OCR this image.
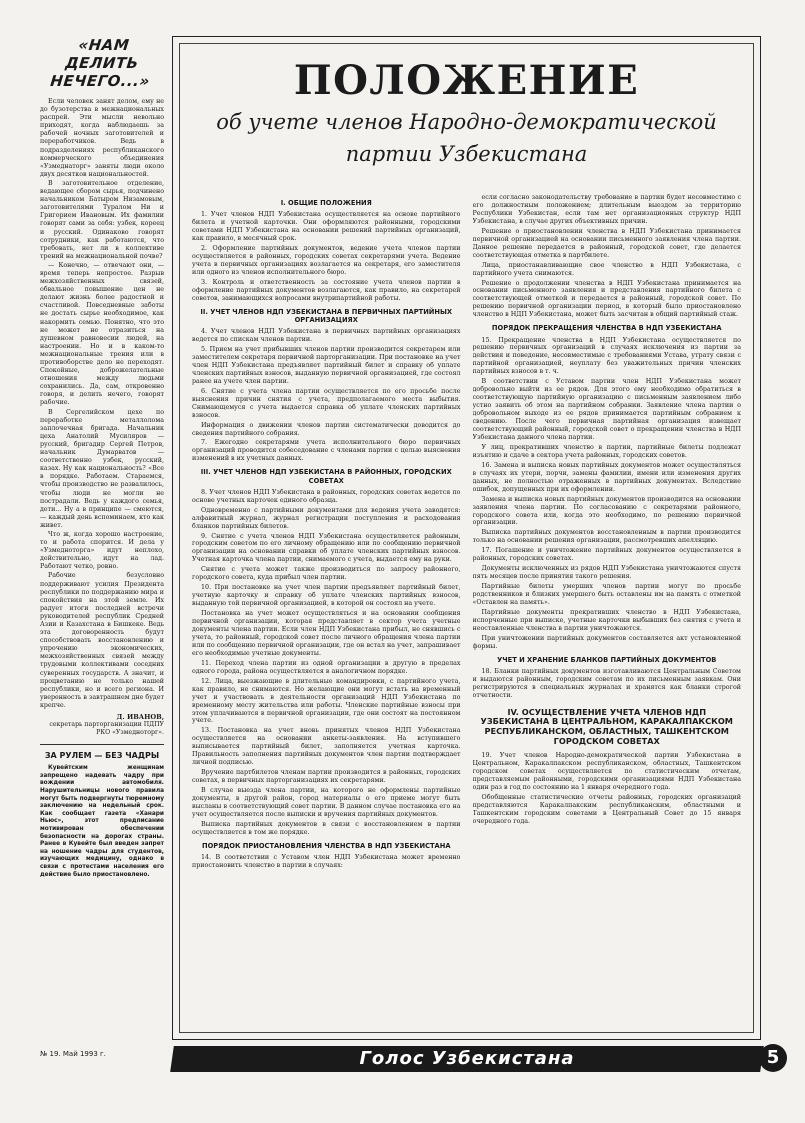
«НАМ ДЕЛИТЬ НЕЧЕГО...»

Если человек занят делом, ему не до бузотерства в межнациональных распрей. Эти мысли невольно приходят, когда наблюдаешь за рабочей ночных заготовителей и переработчиков. Ведь в подразделениях республиканского коммерческого объединения «Узмеднаторг» заняты люди около двух десятков национальностей.

В заготовительное отделение, ведающее сбором сырья, подчинено начальником Батыром Низамовым, заготовителями Туралом Ни и Григорием Ивановым. Их фамилии говорят сами за себя: узбек, кореец и русский. Одинаково говорят сотрудники, как работаются, что требовать, нет ли в коллективе трений на межнациональной почве?

— Конечно, — отвечают они, — время теперь непростое. Разрыв межхозяйственных связей, обвальное повышение цен не делают жизнь более радостной и счастливой. Повседневные заботы не достать сырье необходимое, как накормить семью. Понятно, что это не может не отразиться на душевном равновесии людей, на настроении. Но и в каком-то межнациональные трения или в противоборстве дело не переходят. Спокойные, доброжелательные отношения между людьми сохранились. Да, сам, откровенно говоря, и делить нечего, говорят рабочие.

В Сергелийском цехе по переработке металлолома заплочечная бригада. Начальник цеха Анатолий Мусиляров — русский, бригадир Сергей Петров, начальник Думарватов — соответственно узбек, русский, казах. Ну как национальность? «Все в порядке. Работаем. Стараемся, чтобы производство не развалилось, чтобы люди не могли не пострадали. Ведь у каждого семья, дети... Ну а в принципе — смеются, — каждый день вспоминаем, кто как живет.

Что ж, когда хорошо настроение, то и работа спорится. И дела у «Узмедноторга» идут неплохо, действительно, идут на лад. Работают четко, ровно.

Рабочие безусловно поддерживают усилия Президента республики по поддержанию мира и спокойствия на этой земле. Их радует итоги последней встречи руководителей республик Средней Азии и Казахстана в Бишкеке. Ведь эта договоренность будут способствовать восстановлению и упрочению экономических, межхозяйственных связей между трудовыми коллективами соседних суверенных государств. А значит, и процветанию не только нашей республики, но и всего региона. И уверенность в завтрашнем дне будет крепче.

Д. ИВАНОВ,
секретарь парторганизации ПДПУ РКО «Узмедноторг».
ЗА РУЛЕМ — БЕЗ ЧАДРЫ
Кувейтским женщинам запрещено надевать чадру при вождении автомобиля. Нарушительницы нового правила могут быть подвергнуты тюремному заключению на недельный срок. Как сообщает газета «Ханари Ньюс», этот предписание мотивирован обеспечении безопасности на дорогах страны. Ранее в Кувейте был введен запрет на ношение чадры для студентов, изучающих медицину, однако в связи с протестами населения его действие было приостановлено.
ПОЛОЖЕНИЕ
об учете членов Народно-демократической партии Узбекистана
I. ОБЩИЕ ПОЛОЖЕНИЯ

1. Учет членов НДП Узбекистана осуществляется на основе партийного билета и учетной карточки. Они оформляются районными, городскими советами НДП Узбекистана на основании решений партийных организаций, как правило, в месячный срок.

2. Оформление партийных документов, ведение учета членов партии осуществляется в районных, городских советах секретарями учета. Ведение учета в первичных организациях возлагается на секретаря, его заместителя или одного из членов исполнительного бюро.

3. Контроль и ответственность за состояние учета членов партии в оформление партийных документов возлагаются, как правило, на секретарей советов, занимающихся вопросами внутрипартийной работы.

II. УЧЕТ ЧЛЕНОВ НДП УЗБЕКИСТАНА В ПЕРВИЧНЫХ ПАРТИЙНЫХ ОРГАНИЗАЦИЯХ

4. Учет членов НДП Узбекистана в первичных партийных организациях ведется по спискам членов партии.

5. Прием на учет прибывших членов партии производится секретарем или заместителем секретаря первичной парторганизации. При постановке на учет член НДП Узбекистана предъявляет партийный билет и справку об уплате членских партийных взносов, выданную первичной организацией, где состоял ранее на учете член партии.

6. Снятие с учета члена партии осуществляется по его просьбе после выяснения причин снятия с учета, предполагаемого места выбытия. Снимающемуся с учета выдается справка об уплате членских партийных взносов.

Информация о движении членов партии систематически доводится до сведения партийного собрания.

7. Ежегодно секретарями учета исполнительного бюро первичных организаций проводится собеседование с членами партии с целью выяснения изменений в их учетных данных.

III. УЧЕТ ЧЛЕНОВ НДП УЗБЕКИСТАНА В РАЙОННЫХ, ГОРОДСКИХ СОВЕТАХ

8. Учет членов НДП Узбекистана в районных, городских советах ведется по основе учетных карточек единого образца.

Одновременно с партийными документами для ведения учета заводятся: алфавитный журнал, журнал регистрации поступления и расходования бланков партийных билетов.

9. Снятие с учета членов НДП Узбекистана осуществляется районным, городским советом по его личному обращению или по сообщению первичной организации на основании справки об уплате членских партийных взносов. Учетная карточка члена партии, снимаемого с учета, выдается ему на руки.

Снятие с учета может также производиться по запросу районного, городского совета, куда прибыл член партии.

10. При постановке на учет член партии предъявляет партийный билет, учетную карточку и справку об уплате членских партийных взносов, выданную той первичной организацией, в которой он состоял на учете.

Постановка на учет может осуществляться и на основании сообщения первичной организации, которая представляет в сектор учета учетные документы члена партии. Если член НДП Узбекистана прибыл, не снявшись с учета, то районный, городской совет после личного обращения члена партии или по сообщению первичной организации, где он встал на учет, запрашивает его необходимые учетные документы.

11. Переход члена партии из одной организации в другую в пределах одного города, района осуществляется в аналогичном порядке.

12. Лица, выезжающие в длительные командировки, с партийного учета, как правило, не снимаются. Но желающие они могут встать на временный учет и участвовать в деятельности организаций НДП Узбекистана по временному месту жительства или работы. Членские партийные взносы при этом уплачиваются в первичной организации, где они состоят на постоянном учете.

13. Постановка на учет вновь принятых членов НДП Узбекистана осуществляется на основании анкеты-заявления. На вступившего выписывается партийный билет, заполняется учетная карточка. Правильность заполнения партийных документов член партии подтверждает личной подписью.

Вручение партбилетов членам партии производится в районных, городских советах, в первичных парторганизациях их секретарями.

В случае выезда члена партии, на которого не оформлены партийные документы, в другой район, город материалы о его приеме могут быть высланы в соответствующий совет партии. В данном случае постановка его на учет осуществляется после выписки и вручения партийных документов.

Выписка партийных документов в связи с восстановлением в партии осуществляется в том же порядке.

ПОРЯДОК ПРИОСТАНОВЛЕНИЯ ЧЛЕНСТВА В НДП УЗБЕКИСТАНА

14. В соответствии с Уставом член НДП Узбекистана может временно приостановить членство в партии в случаях:

если согласно законодательству требование в партии будет несовместимо с его должностным положением; длительным выездом за территорию Республики Узбекистан, если там нет организационных структур НДП Узбекистана, в случае других объективных причин.

Решение о приостановлении членства в НДП Узбекистана принимается первичной организацией на основании письменного заявления члена партии. Данное решение передается в районный, городской совет, где делается соответствующая отметка в партбилете.

Лица, приостанавливающие свое членство в НДП Узбекистана, с партийного учета снимаются.

Решение о продолжении членства в НДП Узбекистана принимается на основании письменного заявления и представления партийного билета с соответствующей отметкой и передается в районный, городской совет. По решению первичной организации период, в который было приостановлено членство в НДП Узбекистана, может быть засчитан в общий партийный стаж.

ПОРЯДОК ПРЕКРАЩЕНИЯ ЧЛЕНСТВА В НДП УЗБЕКИСТАНА

15. Прекращение членства в НДП Узбекистана осуществляется по решению первичных организаций в случаях исключения из партии за действия и поведение, несовместимые с требованиями Устава, утрату связи с партийной организацией, неуплату без уважительных причин членских партийных взносов в т. ч.

В соответствии с Уставом партии член НДП Узбекистана может добровольно выйти из ее рядов. Для этого ему необходимо обратиться в соответствующую партийную организацию с письменным заявлением либо устно заявить об этом на партийном собрании. Заявление члена партии о добровольном выходе из ее рядов принимается партийным собранием к сведению. После чего первичная партийная организация извещает соответствующий районный, городской совет о прекращении членства в НДП Узбекистана данного члена партии.

У лиц, прекративших членство в партии, партийные билеты подлежат изъятию и сдаче в сектора учета районных, городских советов.

16. Замена и выписка новых партийных документов может осуществляться в случаях их утери, порчи, замены фамилии, имени или изменения других данных, не полностью отраженных в партийных документах. Вследствие ошибок, допущенных при их оформлении.

Замена и выписка новых партийных документов производится на основании заявления члена партии. По согласованию с секретарями районного, городского совета или, когда это необходимо, по решению первичной организации.

Выписка партийных документов восстановленным в партии производится только на основании решения организации, рассмотревших апелляцию.

17. Погашение и уничтожение партийных документов осуществляется в районных, городских советах.

Документы исключенных из рядов НДП Узбекистана уничтожаются спустя пять месяцев после принятия такого решения.

Партийные билеты умерших членов партии могут по просьбе родственников и близких умершего быть оставлены им на память с отметкой «Оставлен на память».

Партийные документы прекративших членство в НДП Узбекистана, испорченные при выписке, учетные карточки выбывших без снятия с учета и неоставленные членства в партии уничтожаются.

При уничтожении партийных документов составляется акт установленной формы.

УЧЕТ И ХРАНЕНИЕ БЛАНКОВ ПАРТИЙНЫХ ДОКУМЕНТОВ

18. Бланки партийных документов изготавливаются Центральным Советом и выдаются районным, городским советам по их письменным заявкам. Они регистрируются в специальных журналах и хранятся как бланки строгой отчетности.

IV. ОСУЩЕСТВЛЕНИЕ УЧЕТА ЧЛЕНОВ НДП УЗБЕКИСТАНА В ЦЕНТРАЛЬНОМ, КАРАКАЛПАКСКОМ РЕСПУБЛИКАНСКОМ, ОБЛАСТНЫХ, ТАШКЕНТСКОМ ГОРОДСКОМ СОВЕТАХ

19. Учет членов Народно-демократической партии Узбекистана в Центральном, Каракалпакском республиканском, областных, Ташкентском городском советах осуществляется по статистическим отчетам, представляемым районными, городскими организациями НДП Узбекистана один раз в год по состоянию на 1 января очередного года.

Обобщенные статистические отчеты районных, городских организаций представляются Каракалпакским республиканским, областными и Ташкентским городским советами в Центральный Совет до 15 января очередного года.

№ 19. Май 1993 г.	Голос Узбекистана	5
